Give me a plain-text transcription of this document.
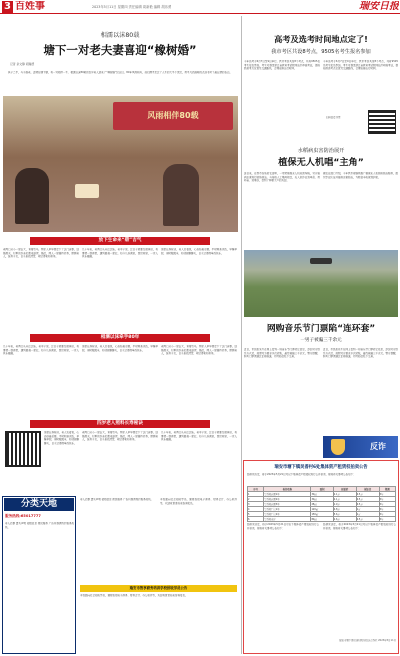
3 百姓事	2023年5月11日 星期四 责任编辑 周新艳 编辑 胡乐勇	瑞安日报
相濡以沫80载
塘下一对老夫妻喜迎“橡树婚”
记者 余文静 胡瑞德
执子之手，与子偕老。近期在塘下镇，有一对相伴一生、相濡以沫80载的百岁老人迎来了“橡树婚”纪念日。80年风雨同舟，他们携手走过了人生的大半个世纪，用平凡而温暖的点滴书写了最长情的告白。
风雨相伴80载
放下生命来“碧”吉气
老两口从小一起长大，青梅竹马，两家人早早便定下了这门亲事。结婚那天，村里的乡亲们都来道贺。婚后，两人一起操持家务，照顾老人，抚养子女，日子虽然清苦，却过得和和美美。
几十年来，老两口从未红过脸。老爷子说，过日子就要互相体谅，有事情一起商量，遇到困难一起扛。如今儿孙满堂，四世同堂，一家人其乐融融。
说起长寿秘诀，老人笑着说，心态好最重要。平时粗茶淡饭，早睡早起，闲时散散步，和邻居聊聊天，日子过得简单而快乐。
相濡以沫牵手80年
几十年来，老两口从未红过脸。老爷子说，过日子就要互相体谅，有事情一起商量，遇到困难一起扛。如今儿孙满堂，四世同堂，一家人其乐融融。
说起长寿秘诀，老人笑着说，心态好最重要。平时粗茶淡饭，早睡早起，闲时散散步，和邻居聊聊天，日子过得简单而快乐。
老两口从小一起长大，青梅竹马，两家人早早便定下了这门亲事。结婚那天，村里的乡亲们都来道贺。婚后，两人一起操持家务，照顾老人，抚养子女，日子虽然清苦，却过得和和美美。
四岁老人照料长寿秘诀
说起长寿秘诀，老人笑着说，心态好最重要。平时粗茶淡饭，早睡早起，闲时散散步，和邻居聊聊天，日子过得简单而快乐。
老两口从小一起长大，青梅竹马，两家人早早便定下了这门亲事。结婚那天，村里的乡亲们都来道贺。婚后，两人一起操持家务，照顾老人，抚养子女，日子虽然清苦，却过得和和美美。
几十年来，老两口从未红过脸。老爷子说，过日子就要互相体谅，有事情一起商量，遇到困难一起扛。如今儿孙满堂，四世同堂，一家人其乐融融。
分类天地
服务热线:65017777
寻人启事 遗失声明 招租信息 便民服务 广告刊登请拨打服务热线。
寻人启事 遗失声明 招租信息 便民服务 广告刊登请拨打服务热线。	本校面向社会招收学员，课程包括电子商务、财务会计、办公软件等，欢迎有意者前来咨询报名。
瑞安市智享商务培训学校招收学员公告
本校面向社会招收学员，课程包括电子商务、财务会计、办公软件等，欢迎有意者前来咨询报名。
高考及选考时间地点定了!
我市考区共设8考点，9505名考生报名参加
今年高考于6月7日至9日举行。我市考区共设8个考点，共有9505名考生报名参加。考生可登录浙江省教育考试院网站打印准考证，提前熟悉考点位置及交通路线，合理安排出行时间。
今年高考于6月7日至9日举行。我市考区共设8个考点，共有9505名考生报名参加。考生可登录浙江省教育考试院网站打印准考证，提前熟悉考点位置及交通路线，合理安排出行时间。
扫码查看详情
水稻病虫害防治展开
植保无人机唱“主角”
连日来，在我市各地的农田里，一架架植保无人机来回穿梭，对水稻病虫害进行统防统治。与传统人工喷药相比，无人机作业效率高、用药省、效果好，受到了种粮大户的欢迎。
据农业部门介绍，今年我市将继续推广植保无人机统防统治服务，组织专业队伍开展病虫害防治，为粮食丰收保驾护航。
网购音乐节门票陷“连环套”
一男子被骗三千余元
近日，市民张先生在网上看到一则音乐节门票转让信息，添加对方联系方式后，按照对方要求多次转账，最终被骗三千余元。警方提醒，购买门票请通过正规渠道，切勿轻信私下交易。
近日，市民张先生在网上看到一则音乐节门票转让信息，添加对方联系方式后，按照对方要求多次转账，最终被骗三千余元。警方提醒，购买门票请通过正规渠道，切勿轻信私下交易。
反诈
瑞安市塘下镇吴香村6处集体资产租赁权拍卖公告
经研究决定，将于2023年5月21日对以下集体资产租赁权进行公开拍卖，现将有关事项公告如下：
序号	标的名称	面积	起拍价	保证金	租期
1	吴香村店面1号	30㎡	2.1万	0.5万	5年
2	吴香村店面2号	30㎡	2.1万	0.5万	5年
3	吴香村店面3号	28㎡	1.9万	0.5万	5年
4	吴香村厂房1号	120㎡	4.8万	1万	5年
5	吴香村厂房2号	150㎡	5.6万	1万	5年
6	吴香村仓库	80㎡	2.6万	0.5万	5年
经研究决定，将于2023年5月21日对以下集体资产租赁权进行公开拍卖，现将有关事项公告如下：
经研究决定，将于2023年5月21日对以下集体资产租赁权进行公开拍卖，现将有关事项公告如下：
瑞安市塘下镇吴香村股份经济合作社 2023年5月11日
